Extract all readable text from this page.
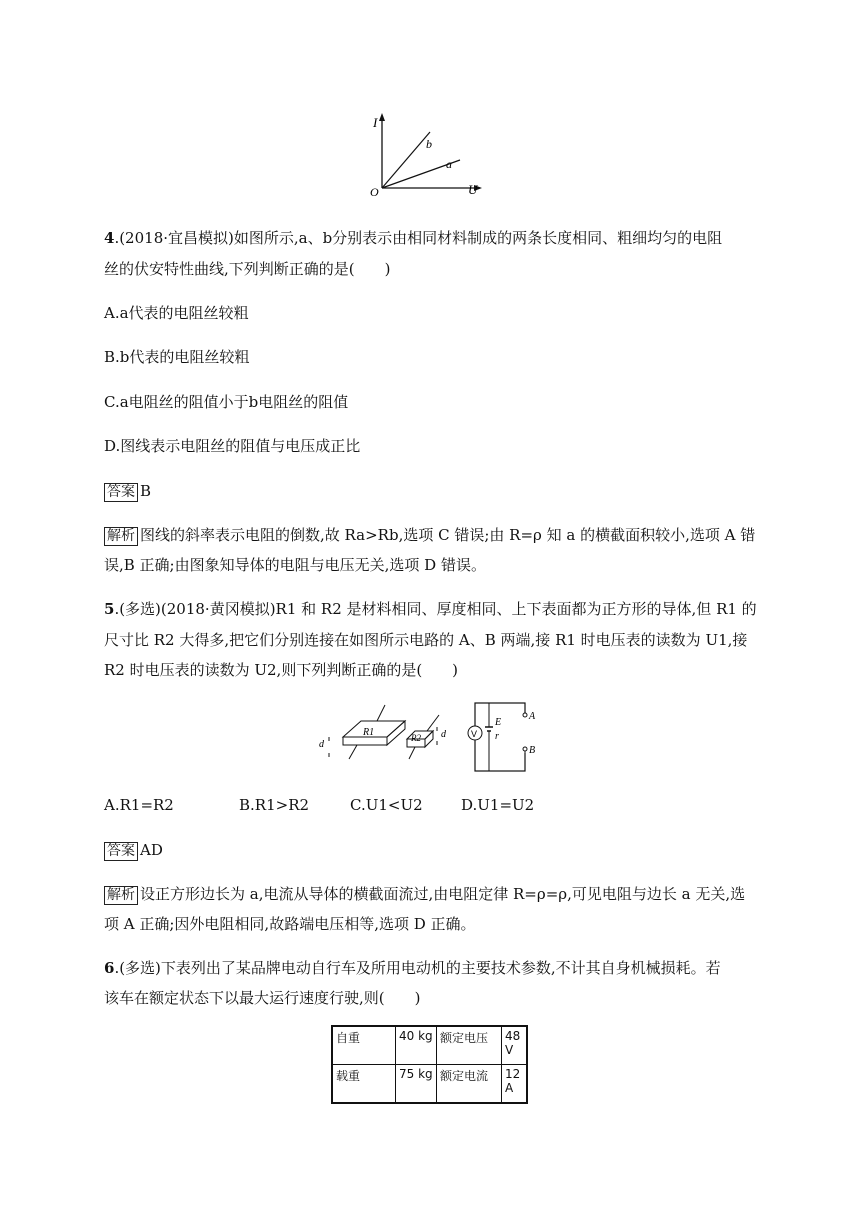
I
U
O
b
a
4.(2018·宜昌模拟)如图所示,a、b分别表示由相同材料制成的两条长度相同、粗细均匀的电阻
丝的伏安特性曲线,下列判断正确的是(　　)
A.a代表的电阻丝较粗
B.b代表的电阻丝较粗
C.a电阻丝的阻值小于b电阻丝的阻值
D.图线表示电阻丝的阻值与电压成正比
答案 B
解析 图线的斜率表示电阻的倒数,故 Ra>Rb,选项 C 错误;由 R=ρ 知 a 的横截面积较小,选项 A 错
误,B 正确;由图象知导体的电阻与电压无关,选项 D 错误。
5.(多选)(2018·黄冈模拟)R1 和 R2 是材料相同、厚度相同、上下表面都为正方形的导体,但 R1 的
尺寸比 R2 大得多,把它们分别连接在如图所示电路的 A、B 两端,接 R1 时电压表的读数为 U1,接
R2 时电压表的读数为 U2,则下列判断正确的是(　　)
R1
d
R2 d	V
E
r
A
B
A.R1=R2	B.R1>R2	C.U1<U2	D.U1=U2
答案 AD
解析 设正方形边长为 a,电流从导体的横截面流过,由电阻定律 R=ρ=ρ,可见电阻与边长 a 无关,选
项 A 正确;因外电阻相同,故路端电压相等,选项 D 正确。
6.(多选)下表列出了某品牌电动自行车及所用电动机的主要技术参数,不计其自身机械损耗。若
该车在额定状态下以最大运行速度行驶,则(　　)
自重	40 kg	额定电压	48 V
载重	75 kg	额定电流	12 A
